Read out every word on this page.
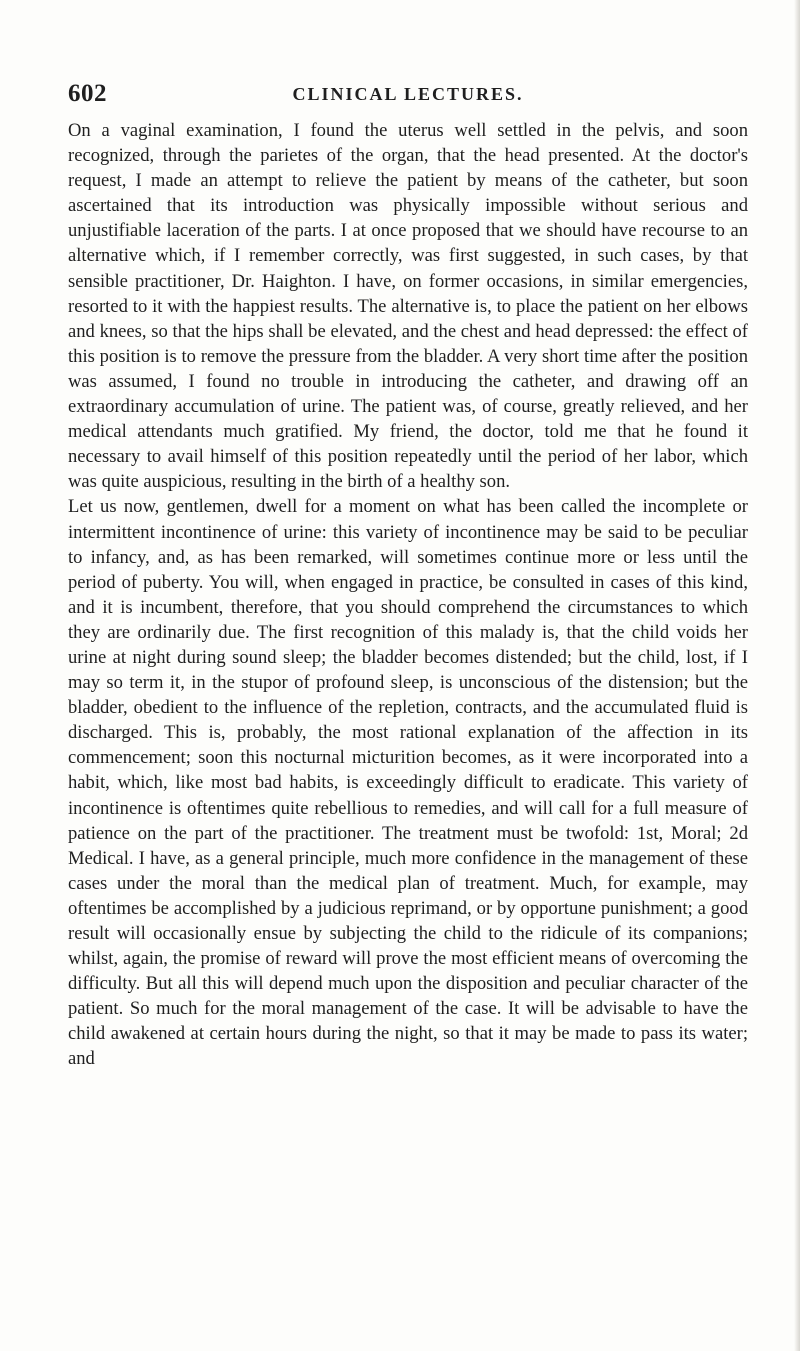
602	CLINICAL LECTURES.

On a vaginal examination, I found the uterus well settled in the pelvis, and soon recognized, through the parietes of the organ, that the head presented. At the doctor's request, I made an attempt to relieve the patient by means of the catheter, but soon ascertained that its introduction was physically impossible without serious and unjustifiable laceration of the parts. I at once proposed that we should have recourse to an alternative which, if I remember correctly, was first suggested, in such cases, by that sensible practitioner, Dr. Haighton. I have, on former occasions, in similar emergencies, resorted to it with the happiest results. The alternative is, to place the patient on her elbows and knees, so that the hips shall be elevated, and the chest and head depressed: the effect of this position is to remove the pressure from the bladder. A very short time after the position was assumed, I found no trouble in introducing the catheter, and drawing off an extraordinary accumulation of urine. The patient was, of course, greatly relieved, and her medical attendants much gratified. My friend, the doctor, told me that he found it necessary to avail himself of this position repeatedly until the period of her labor, which was quite auspicious, resulting in the birth of a healthy son.

Let us now, gentlemen, dwell for a moment on what has been called the incomplete or intermittent incontinence of urine: this variety of incontinence may be said to be peculiar to infancy, and, as has been remarked, will sometimes continue more or less until the period of puberty. You will, when engaged in practice, be consulted in cases of this kind, and it is incumbent, therefore, that you should comprehend the circumstances to which they are ordinarily due. The first recognition of this malady is, that the child voids her urine at night during sound sleep; the bladder becomes distended; but the child, lost, if I may so term it, in the stupor of profound sleep, is unconscious of the distension; but the bladder, obedient to the influence of the repletion, contracts, and the accumulated fluid is discharged. This is, probably, the most rational explanation of the affection in its commencement; soon this nocturnal micturition becomes, as it were incorporated into a habit, which, like most bad habits, is exceedingly difficult to eradicate. This variety of incontinence is oftentimes quite rebellious to remedies, and will call for a full measure of patience on the part of the practitioner. The treatment must be twofold: 1st, Moral; 2d Medical. I have, as a general principle, much more confidence in the management of these cases under the moral than the medical plan of treatment. Much, for example, may oftentimes be accomplished by a judicious reprimand, or by opportune punishment; a good result will occasionally ensue by subjecting the child to the ridicule of its companions; whilst, again, the promise of reward will prove the most efficient means of overcoming the difficulty. But all this will depend much upon the disposition and peculiar character of the patient. So much for the moral management of the case. It will be advisable to have the child awakened at certain hours during the night, so that it may be made to pass its water; and
